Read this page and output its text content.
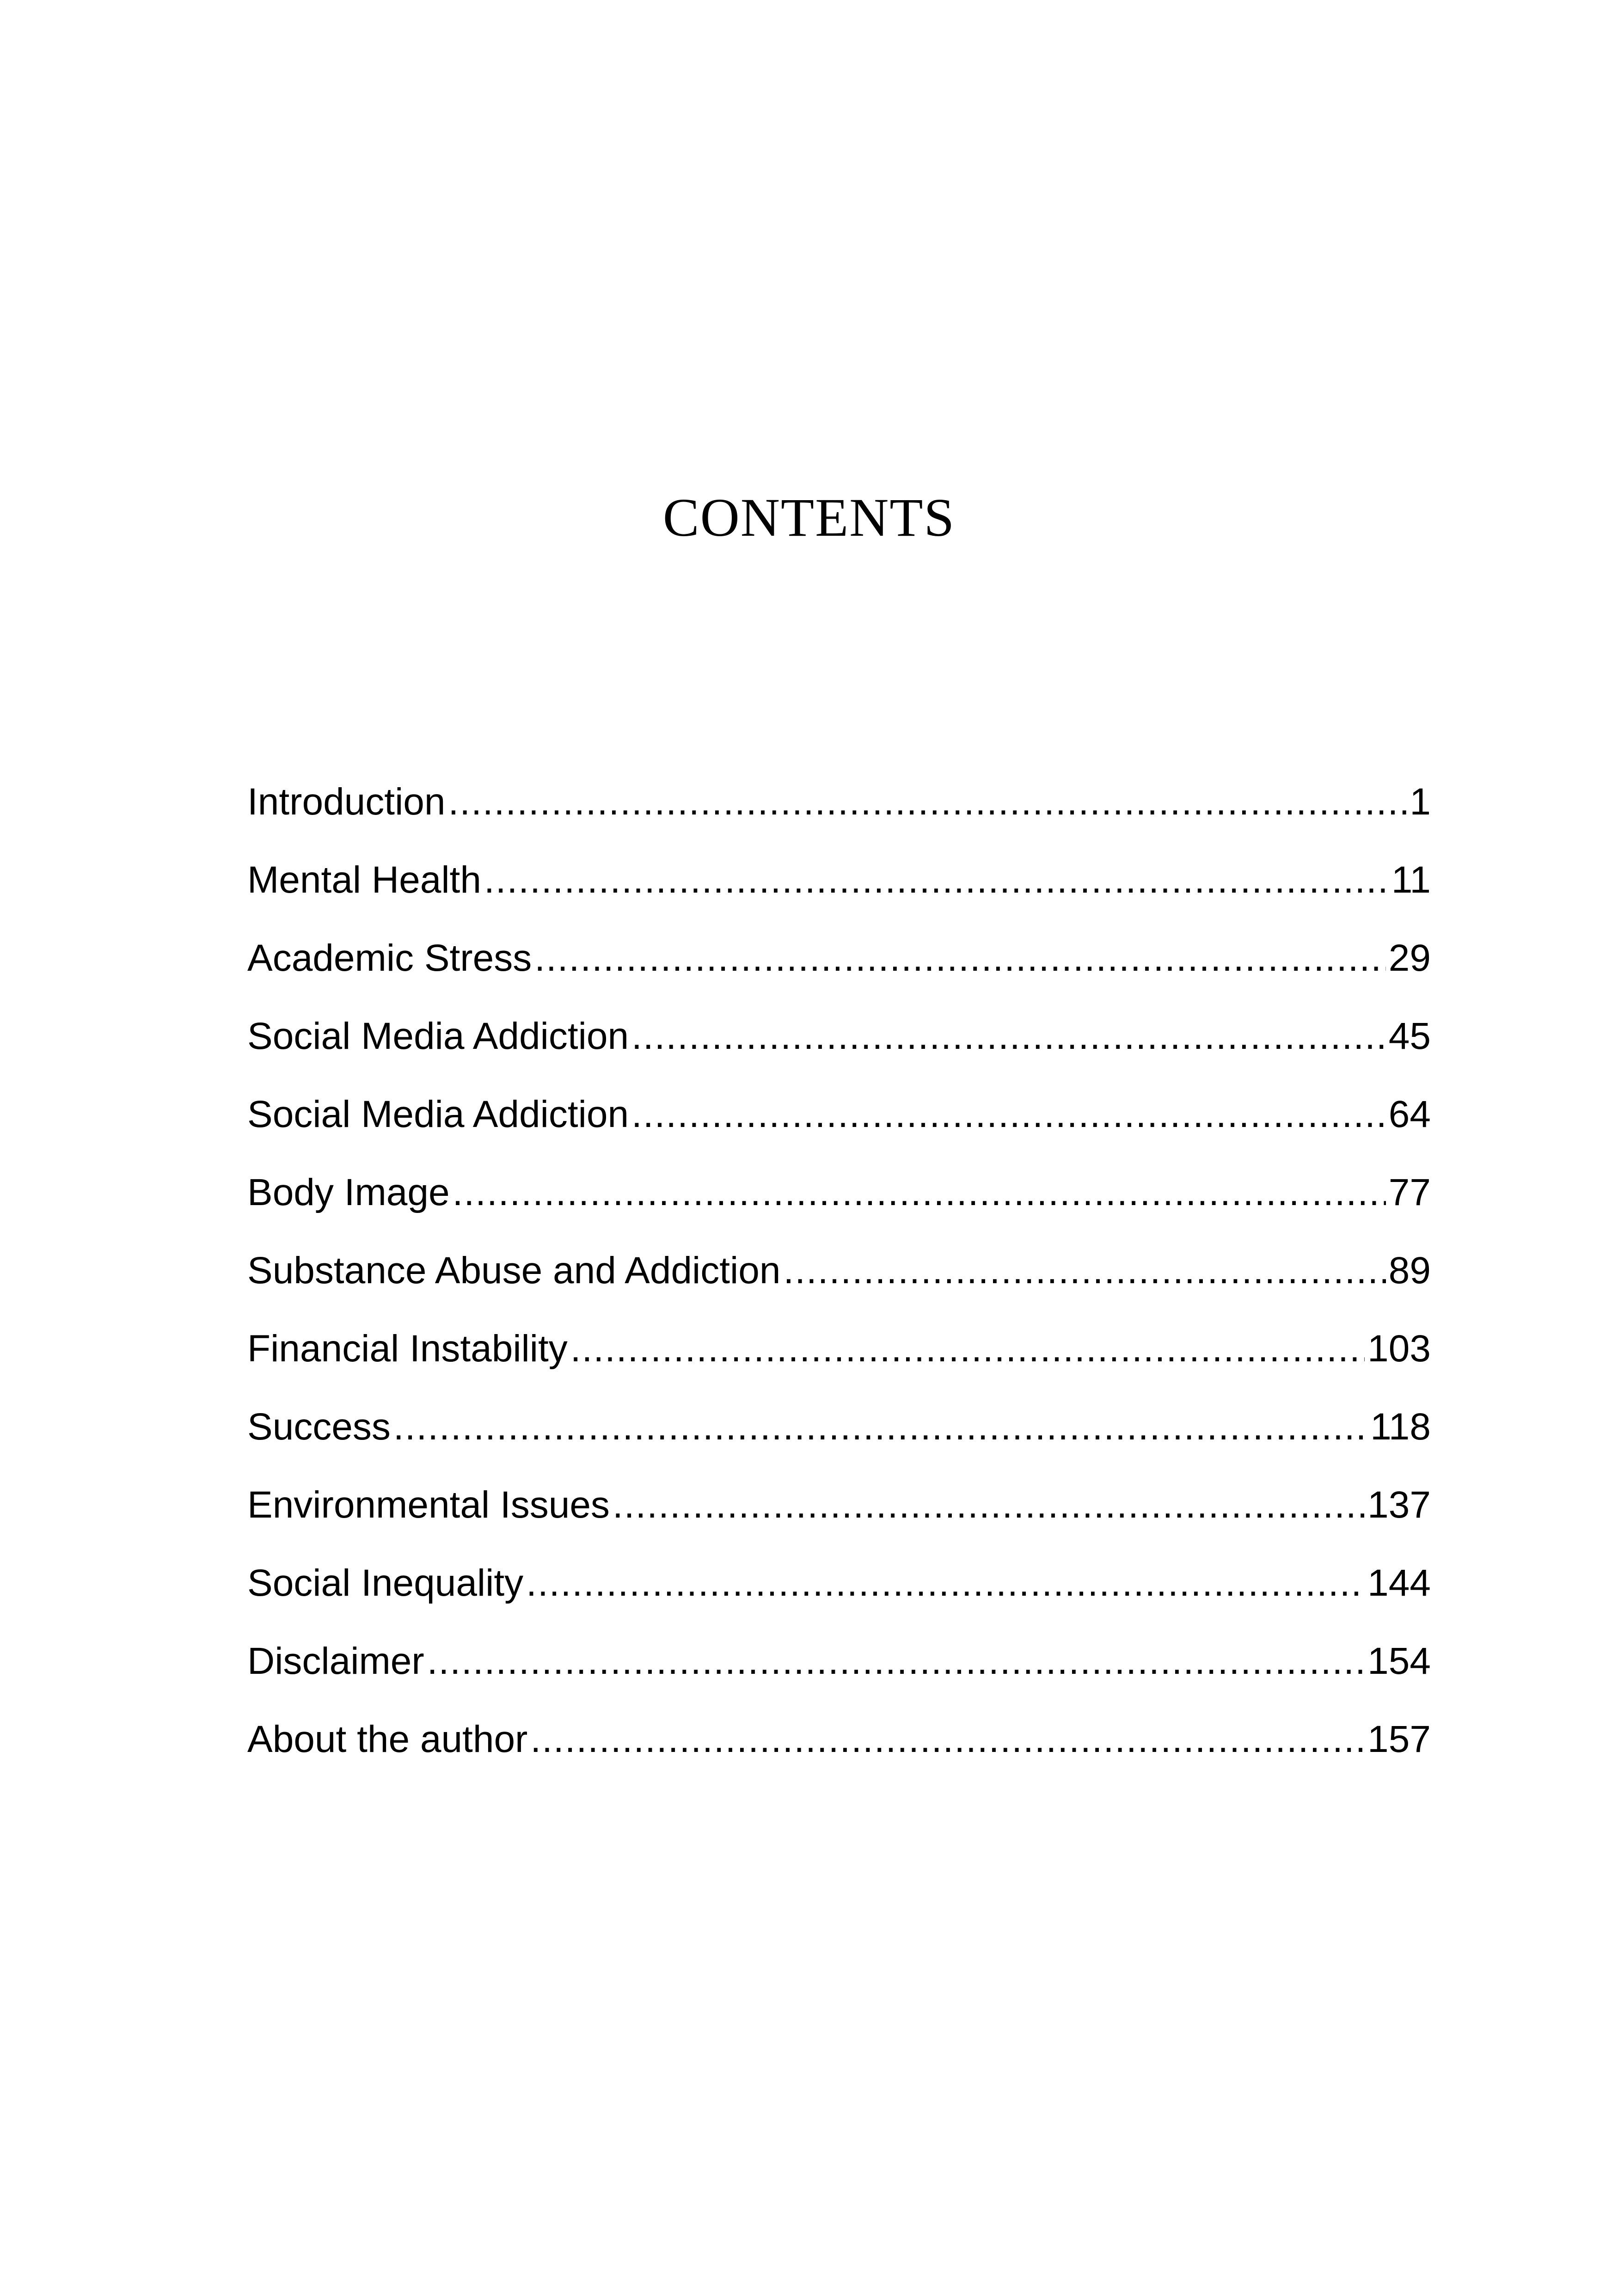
CONTENTS
Introduction .....	1
Mental Health .....	11
Academic Stress .....	29
Social Media Addiction .....	45
Social Media Addiction .....	64
Body Image .....	77
Substance Abuse and Addiction .....	89
Financial Instability .....	103
Success .....	118
Environmental Issues .....	137
Social Inequality .....	144
Disclaimer .....	154
About the author .....	157
